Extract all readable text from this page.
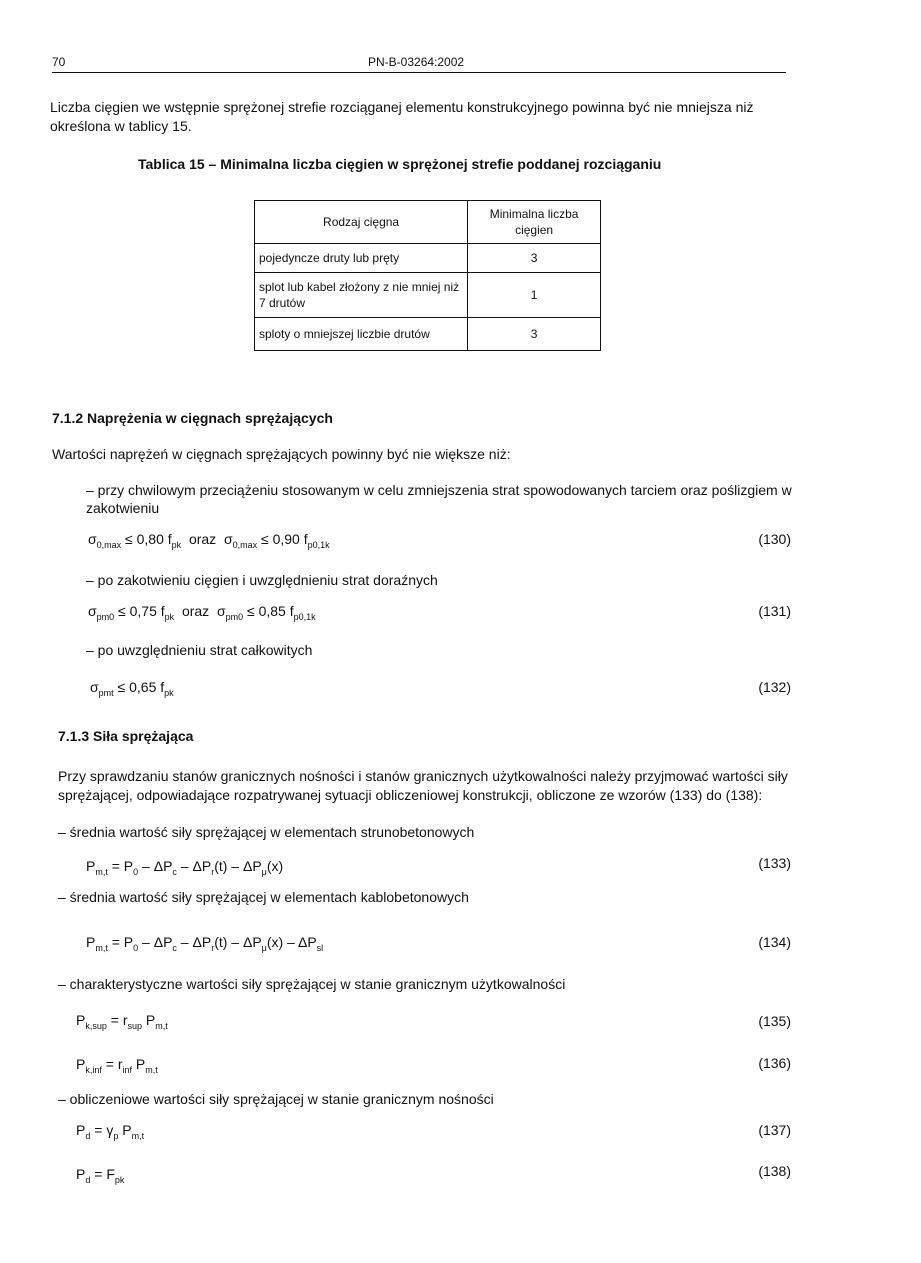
70	PN-B-03264:2002
Liczba cięgien we wstępnie sprężonej strefie rozciąganej elementu konstrukcyjnego powinna być nie mniejsza niż określona w tablicy 15.
Tablica 15 – Minimalna liczba cięgien w sprężonej strefie poddanej rozciąganiu
Rodzaj cięgna	Minimalna liczba cięgien
pojedyncze druty lub pręty	3
splot lub kabel złożony z nie mniej niż 7 drutów	1
sploty o mniejszej liczbie drutów	3
7.1.2 Naprężenia w cięgnach sprężających
Wartości naprężeń w cięgnach sprężających powinny być nie większe niż:
– przy chwilowym przeciążeniu stosowanym w celu zmniejszenia strat spowodowanych tarciem oraz poślizgiem w zakotwieniu
$\sigma_{0,max} \le 0,80$ $f_{pk}$  oraz  $\sigma_{0,max} \le 0,90$ $f_{p0,1k}$	(130)
– po zakotwieniu cięgien i uwzględnieniu strat doraźnych
$\sigma_{pm0} \le 0,75$ $f_{pk}$  oraz  $\sigma_{pm0} \le 0,85$ $f_{p0,1k}$	(131)
– po uwzględnieniu strat całkowitych
$\sigma_{pmt} \le 0,65$ $f_{pk}$	(132)
7.1.3 Siła sprężająca
Przy sprawdzaniu stanów granicznych nośności i stanów granicznych użytkowalności należy przyjmować wartości siły sprężającej, odpowiadające rozpatrywanej sytuacji obliczeniowej konstrukcji, obliczone ze wzorów (133) do (138):
– średnia wartość siły sprężającej w elementach strunobetonowych
$P_{m,t} = P_0 - \Delta P_c - \Delta P_r(t) - \Delta P_\mu(x)$	(133)
– średnia wartość siły sprężającej w elementach kablobetonowych
$P_{m,t} = P_0 - \Delta P_c - \Delta P_r(t) - \Delta P_\mu(x) - \Delta P_{sl}$	(134)
– charakterystyczne wartości siły sprężającej w stanie granicznym użytkowalności
$P_{k,sup} = r_{sup}$ $P_{m,t}$	(135)
$P_{k,inf} = r_{inf}$ $P_{m,t}$	(136)
– obliczeniowe wartości siły sprężającej w stanie granicznym nośności
$P_d = \gamma_p$ $P_{m,t}$	(137)
$P_d = F_{pk}$
(138)
